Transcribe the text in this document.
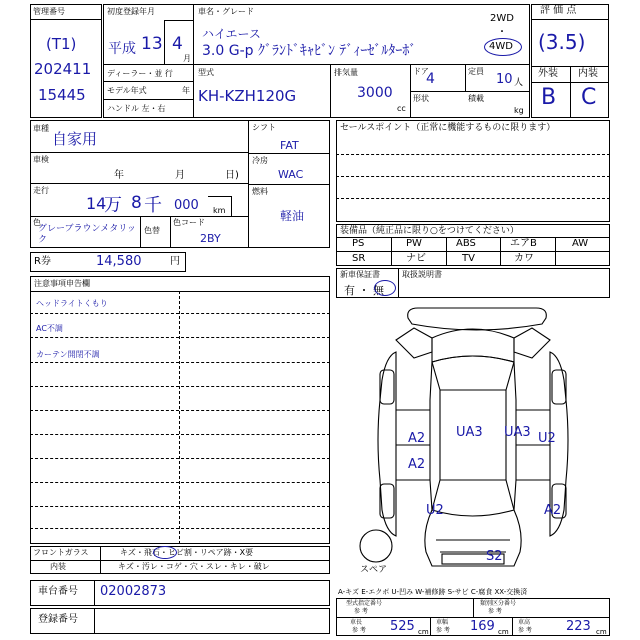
管理番号
(T1)
202411
15445
初度登録年月	車名・グレード
平成 13 4
月
ハイエース
3.0 G-p ｸﾞﾗﾝﾄﾞｷｬﾋﾞﾝ ﾃﾞｨｰｾﾞﾙﾀｰﾎﾞ
2WD
・
4WD
ディーラー・並 行
モデル年式	年
ハンドル 左・右
型式
KH-KZH120G
排気量
3000
cc
ドア
4	定員
10 人
形状	積載
kg
評 価 点
(3.5)
外装 内装
B C
車種
自家用
車検
年	月	日)
走行
14
万 8 千 000 km
色
グレーブラウンメタリック
色替
色コード
2BY
シフト
FAT
冷房
WAC
燃料
軽油
R券	14,580	円
セールスポイント（正常に機能するものに限ります）
装備品（純正品に限り○をつけてください）
PS	PW	ABS	エアB	AW
SR	ナビ	TV	カワ
新車保証書
有 ・ 無
取扱説明書
注意事項申告欄
ヘッドライトくもり
AC不調
カーテン開閉不調
A2 UA3 UA3 U2
A2
U2	A2
S2
スペア
A-キズ E-エクボ U-凹み W-補修跡 S-サビ C-腐食 XX-交換済
フロントガラス	キズ・飛石・ヒビ割・リペア跡・X要
内装	キズ・汚レ・コゲ・穴・スレ・キレ・破レ
車台番号 02002873
登録番号
型式指定番号
参 考
類別区分番号
参 考
車長
参 考 525 cm
車幅
参 考 169 cm
車高
参 考	223 cm
